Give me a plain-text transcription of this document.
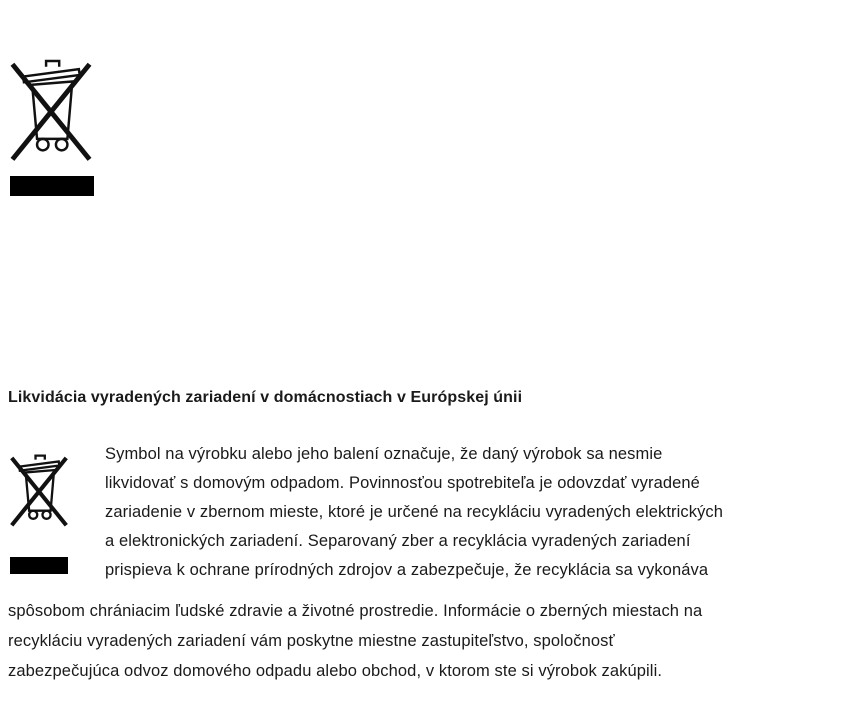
Likvidácia vyradených zariadení v domácnostiach v Európskej únii
Symbol na výrobku alebo jeho balení označuje, že daný výrobok sa nesmie
likvidovať s domovým odpadom. Povinnosťou spotrebiteľa je odovzdať vyradené
zariadenie v zbernom mieste, ktoré je určené na recykláciu vyradených elektrických
a elektronických zariadení. Separovaný zber a recyklácia vyradených zariadení
prispieva k ochrane prírodných zdrojov a zabezpečuje, že recyklácia sa vykonáva
spôsobom chrániacim ľudské zdravie a životné prostredie. Informácie o zberných miestach na
recykláciu vyradených zariadení vám poskytne miestne zastupiteľstvo, spoločnosť
zabezpečujúca odvoz domového odpadu alebo obchod, v ktorom ste si výrobok zakúpili.
